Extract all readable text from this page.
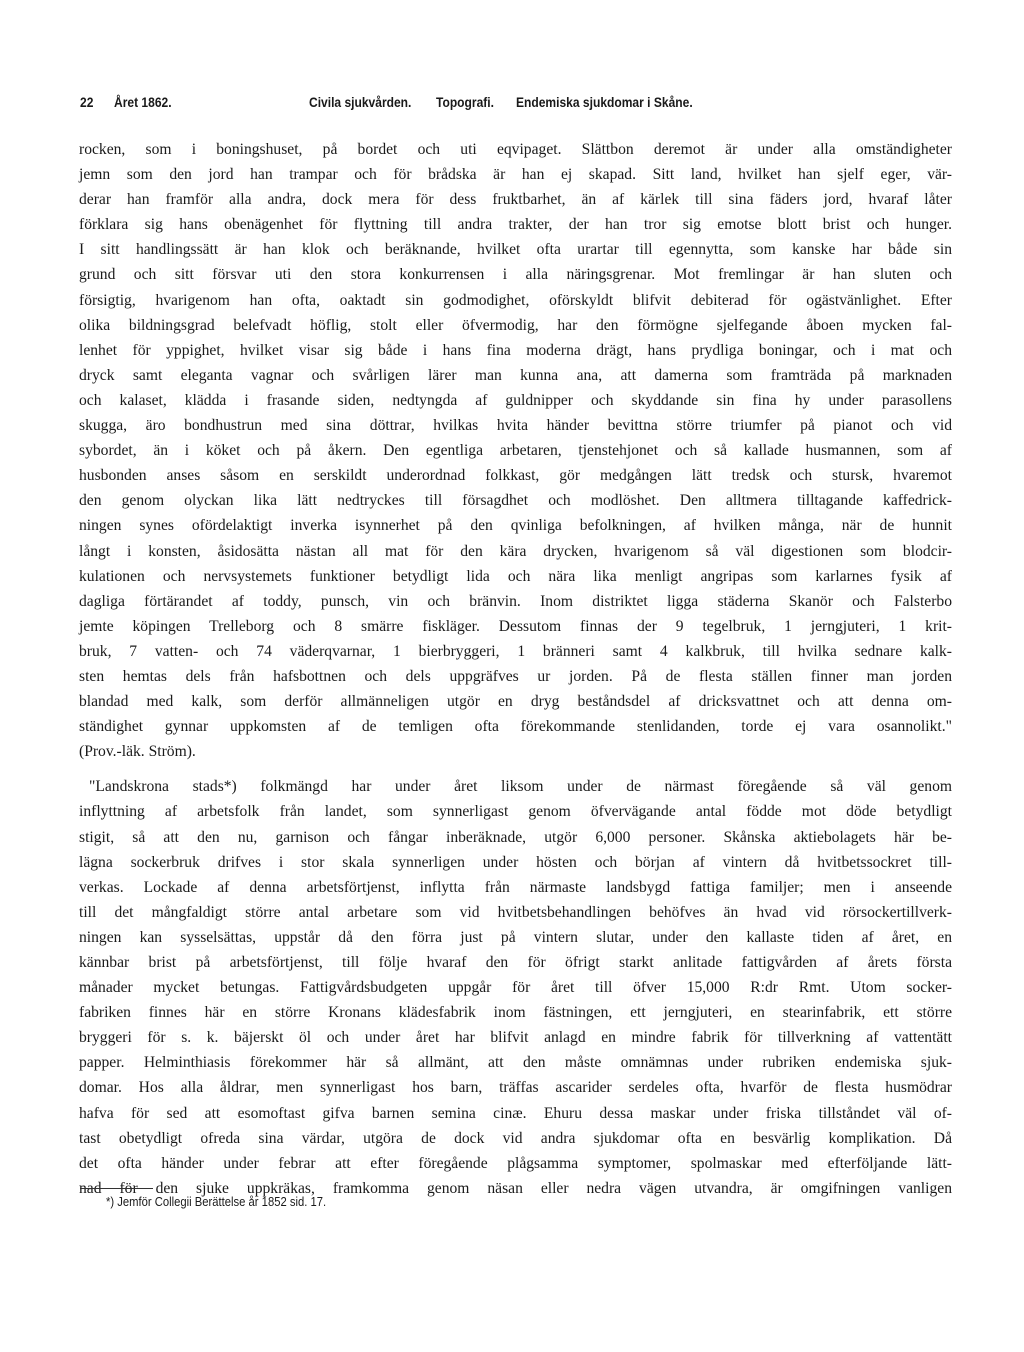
22 Året 1862.	Civila sjukvården. Topografi. Endemiska sjukdomar i Skåne.
rocken, som i boningshuset, på bordet och uti eqvipaget. Slättbon deremot är under alla omständigheter
jemn som den jord han trampar och för brådska är han ej skapad. Sitt land, hvilket han sjelf eger, vär-
derar han framför alla andra, dock mera för dess fruktbarhet, än af kärlek till sina fäders jord, hvaraf låter
förklara sig hans obenägenhet för flyttning till andra trakter, der han tror sig emotse blott brist och hunger.
I sitt handlingssätt är han klok och beräknande, hvilket ofta urartar till egennytta, som kanske har både sin
grund och sitt försvar uti den stora konkurrensen i alla näringsgrenar. Mot fremlingar är han sluten och
försigtig, hvarigenom han ofta, oaktadt sin godmodighet, oförskyldt blifvit debiterad för ogästvänlighet. Efter
olika bildningsgrad belefvadt höflig, stolt eller öfvermodig, har den förmögne sjelfegande åboen mycken fal-
lenhet för yppighet, hvilket visar sig både i hans fina moderna drägt, hans prydliga boningar, och i mat och
dryck samt eleganta vagnar och svårligen lärer man kunna ana, att damerna som framträda på marknaden
och kalaset, klädda i frasande siden, nedtyngda af guldnipper och skyddande sin fina hy under parasollens
skugga, äro bondhustrun med sina döttrar, hvilkas hvita händer bevittna större triumfer på pianot och vid
sybordet, än i köket och på åkern. Den egentliga arbetaren, tjenstehjonet och så kallade husmannen, som af
husbonden anses såsom en serskildt underordnad folkkast, gör medgången lätt tredsk och stursk, hvaremot
den genom olyckan lika lätt nedtryckes till försagdhet och modlöshet. Den alltmera tilltagande kaffedrick-
ningen synes ofördelaktigt inverka isynnerhet på den qvinliga befolkningen, af hvilken många, när de hunnit
långt i konsten, åsidosätta nästan all mat för den kära drycken, hvarigenom så väl digestionen som blodcir-
kulationen och nervsystemets funktioner betydligt lida och nära lika menligt angripas som karlarnes fysik af
dagliga förtärandet af toddy, punsch, vin och bränvin. Inom distriktet ligga städerna Skanör och Falsterbo
jemte köpingen Trelleborg och 8 smärre fiskläger. Dessutom finnas der 9 tegelbruk, 1 jerngjuteri, 1 krit-
bruk, 7 vatten- och 74 väderqvarnar, 1 bierbryggeri, 1 bränneri samt 4 kalkbruk, till hvilka sednare kalk-
sten hemtas dels från hafsbottnen och dels uppgräfves ur jorden. På de flesta ställen finner man jorden
blandad med kalk, som derför allmänneligen utgör en dryg beståndsdel af dricksvattnet och att denna om-
ständighet gynnar uppkomsten af de temligen ofta förekommande stenlidanden, torde ej vara osannolikt."
(Prov.-läk. Ström).
"Landskrona stads*) folkmängd har under året liksom under de närmast föregående så väl genom
inflyttning af arbetsfolk från landet, som synnerligast genom öfvervägande antal födde mot döde betydligt
stigit, så att den nu, garnison och fångar inberäknade, utgör 6,000 personer. Skånska aktiebolagets här be-
lägna sockerbruk drifves i stor skala synnerligen under hösten och början af vintern då hvitbetssockret till-
verkas. Lockade af denna arbetsförtjenst, inflytta från närmaste landsbygd fattiga familjer; men i anseende
till det mångfaldigt större antal arbetare som vid hvitbetsbehandlingen behöfves än hvad vid rörsockertillverk-
ningen kan sysselsättas, uppstår då den förra just på vintern slutar, under den kallaste tiden af året, en
kännbar brist på arbetsförtjenst, till följe hvaraf den för öfrigt starkt anlitade fattigvården af årets första
månader mycket betungas. Fattigvårdsbudgeten uppgår för året till öfver 15,000 R:dr Rmt. Utom socker-
fabriken finnes här en större Kronans klädesfabrik inom fästningen, ett jerngjuteri, en stearinfabrik, ett större
bryggeri för s. k. bäjerskt öl och under året har blifvit anlagd en mindre fabrik för tillverkning af vattentätt
papper. Helminthiasis förekommer här så allmänt, att den måste omnämnas under rubriken endemiska sjuk-
domar. Hos alla åldrar, men synnerligast hos barn, träffas ascarider serdeles ofta, hvarför de flesta husmödrar
hafva för sed att esomoftast gifva barnen semina cinæ. Ehuru dessa maskar under friska tillståndet väl of-
tast obetydligt ofreda sina värdar, utgöra de dock vid andra sjukdomar ofta en besvärlig komplikation. Då
det ofta händer under febrar att efter föregående plågsamma symptomer, spolmaskar med efterföljande lätt-
nad för den sjuke uppkräkas, framkomma genom näsan eller nedra vägen utvandra, är omgifningen vanligen
*) Jemför Collegii Berättelse år 1852 sid. 17.
